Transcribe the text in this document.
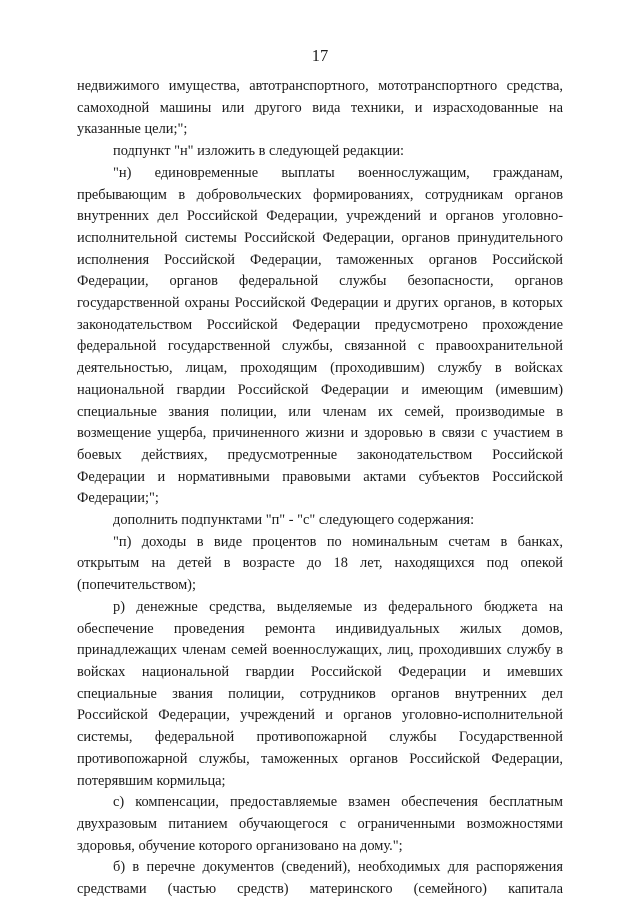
17

недвижимого имущества, автотранспортного, мототранспортного средства, самоходной машины или другого вида техники, и израсходованные на указанные цели;";

подпункт "н" изложить в следующей редакции:

"н) единовременные выплаты военнослужащим, гражданам, пребывающим в добровольческих формированиях, сотрудникам органов внутренних дел Российской Федерации, учреждений и органов уголовно-исполнительной системы Российской Федерации, органов принудительного исполнения Российской Федерации, таможенных органов Российской Федерации, органов федеральной службы безопасности, органов государственной охраны Российской Федерации и других органов, в которых законодательством Российской Федерации предусмотрено прохождение федеральной государственной службы, связанной с правоохранительной деятельностью, лицам, проходящим (проходившим) службу в войсках национальной гвардии Российской Федерации и имеющим (имевшим) специальные звания полиции, или членам их семей, производимые в возмещение ущерба, причиненного жизни и здоровью в связи с участием в боевых действиях, предусмотренные законодательством Российской Федерации и нормативными правовыми актами субъектов Российской Федерации;";

дополнить подпунктами "п" - "с" следующего содержания:

"п) доходы в виде процентов по номинальным счетам в банках, открытым на детей в возрасте до 18 лет, находящихся под опекой (попечительством);

р) денежные средства, выделяемые из федерального бюджета на обеспечение проведения ремонта индивидуальных жилых домов, принадлежащих членам семей военнослужащих, лиц, проходивших службу в войсках национальной гвардии Российской Федерации и имевших специальные звания полиции, сотрудников органов внутренних дел Российской Федерации, учреждений и органов уголовно-исполнительной системы, федеральной противопожарной службы Государственной противопожарной службы, таможенных органов Российской Федерации, потерявшим кормильца;

с) компенсации, предоставляемые взамен обеспечения бесплатным двухразовым питанием обучающегося с ограниченными возможностями здоровья, обучение которого организовано на дому.";

б) в перечне документов (сведений), необходимых для распоряжения средствами (частью средств) материнского (семейного) капитала
